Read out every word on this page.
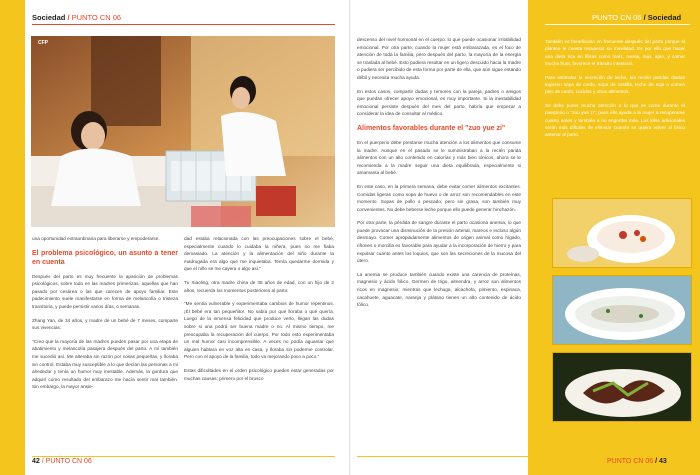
Sociedad / PUNTO CN 06
CFP

una oportunidad extraordinaria para liberarse y empoderarse.

El problema psicológico, un asunto a tener en cuenta

Después del parto es muy frecuente la aparición de problemas psicológicos, sobre todo en las madres primerizas, aquellas que han pasado por cesárea o las que carecen de apoyo familiar. Este padecimiento suele manifestarse en forma de melancolía o tristeza transitoria, y puede persistir varios días, o semanas.

Zhang Yan, de 34 años, y madre de un bebé de 7 meses, comparte sus vivencias:

"Creo que la mayoría de las madres pueden pasar por una etapa de abatimiento y melancolía pasajera después del parto. A mí también me sucedió así. Me alteraba sin razón por cosas pequeñas, y lloraba sin control. Estaba muy susceptible a lo que decían las personas a mi alrededor y tenía un humor muy inestable. Además, la gordura que adquirí como resultado del embarazo me hacía sentir mal también. Sin embargo, la mayor ansie-

dad estaba relacionada con las preocupaciones sobre el bebé, especialmente cuando lo cuidaba la niñera, pues no me fiaba demasiado. La atención y la alimentación del niño durante la madrugada era algo que me inquietaba. Temía quedarme dormida y que el niño se me cayera o algo así."

Tu Xiaoling, otra madre china de 35 años de edad, con un hijo de 2 años, recuerda los momentos posteriores al parto:

"Me sentía vulnerable y experimentaba cambios de humor repentinos. ¡Él bebé era tan pequeñito!. No sabía por qué lloraba o qué quería. Luego de la inmensa felicidad que produce verlo, llegan las dudas sobre si una podrá ser buena madre o no. Al mismo tiempo, me preocupaba la recuperación del cuerpo. Por todo esto experimentaba un mal humor casi incomprensible. A veces no podía aguantar que alguien hablara en voz alta en casa, y lloraba sin poderme controlar. Pero con el apoyo de la familia, todo va mejorando poco a poco."

Estas dificultades en el orden psicológico pueden estar generadas por muchas causas; primero por el brusco

42 / PUNTO CN 06
PUNTO CN 06 / Sociedad

descenso del nivel hormonal en el cuerpo, lo que puede ocasionar irritabilidad emocional. Por otra parte, cuando la mujer está embarazada, es el foco de atención de toda la familia, pero después del parto, la mayoría de la energía se traslada al bebé. Esto pudiera resultar en un ligero descuido hacia la madre o pudiera ser percibido de esta forma por parte de ella, que aún sigue estando débil y necesita mucha ayuda.

En estos casos, compartir dudas y temores con la pareja, padres o amigos que puedan ofrecer apoyo emocional, es muy importante. Si la inestabilidad emocional persiste después del mes del parto, habría que empezar a considerar la idea de consultar al médico.

Alimentos favorables durante el "zuo yue zi"

En el puerperio debe prestarse mucha atención a los alimentos que consume la madre. Aunque en el pasado se le suministraban a la recién parida alimentos con un alto contenido en calorías y más bien tónicos, ahora se le recomienda a la madre seguir una dieta equilibrada, especialmente si amamanta al bebé.

En este caso, en la primera semana, debe evitar comer alimentos excitantes. Comidas ligeras como sopa de huevo o de arroz son recomendables en este momento. Sopas de pollo o pescado, pero sin grasa, son también muy convenientes. No debe beberse leche porque ello puede generar hinchazón.

Por otra parte, la pérdida de sangre durante el parto ocasiona anemia, lo que puede provocar una disminución de la presión arterial, mareos e incluso algún desmayo. Comer apropiadamente alimentos de origen animal como hígado, riñones o morcilla es favorable para ayudar a la incorporación de hierro y para expulsar cuanto antes los loquios, que son las secreciones de la mucosa del útero.

La anemia se produce también cuando existe una carencia de proteínas, magnesio y ácido fólico. Germen de trigo, almendra, y arroz son alimentos ricos en magnesio; mientras que lechuga, alcachofa, pimiento, espinaca, cacahuete, aguacate, naranja y plátano tienen un alto contenido de ácido fólico.

También es beneficioso en frecuente después del parto porque el planteo le cuesta recuperar su movilidad. Es por ello que hacer una dieta rica en fibras como maíz, avena, mijo, apio, y comer mucha fruta, favorece el tránsito intestinal.

Para estimular la secreción de leche, las recién paridas diarias ingieren sopa de cerdo, sopa de costilla, leche de soja o comen pies de cerdo, cocidos y otros alimentos.

Se debe poner mucha atención a lo que se come durante el puerperio o "zuo yue zi", pues ello ayuda a la mujer a recuperarse cuanto antes y también a no engordar más. Los kilos adicionales serán más difíciles de eliminar cuando se quiera volver al físico anterior al parto.

PUNTO CN 06 / 43
